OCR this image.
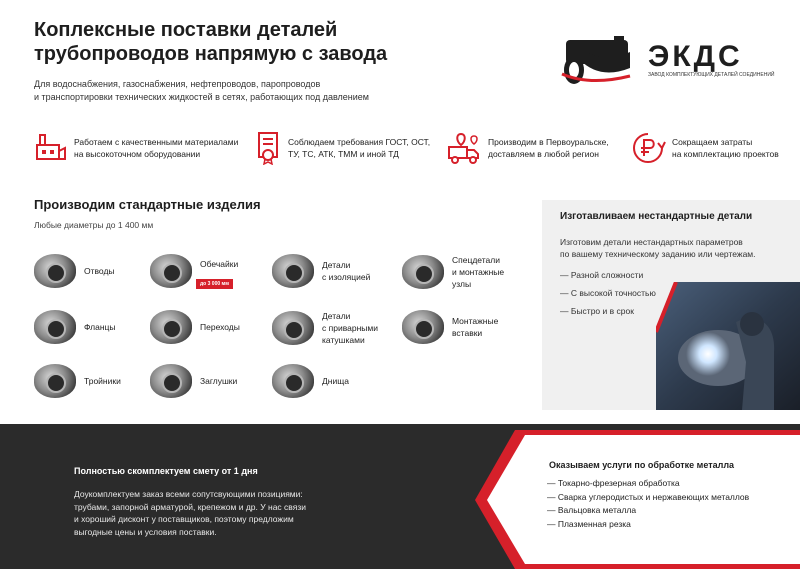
Коплексные поставки деталей
трубопроводов напрямую с завода
Для водоснабжения, газоснабжения, нефтепроводов, паропроводов
и транспортировки технических жидкостей в сетях, работающих под давлением
ЭКДС
ЗАВОД КОМПЛЕКТУЮЩИХ ДЕТАЛЕЙ СОЕДИНЕНИЙ
Работаем с качественными материалами
на высокоточном оборудовании
Соблюдаем требования ГОСТ, ОСТ,
ТУ, ТС, АТК, ТММ и иной ТД
Производим в Первоуральске,
доставляем в любой регион
Сокращаем затраты
на комплектацию проектов
Производим стандартные изделия
Любые диаметры до 1 400 мм
Отводы
Обечайки
до 3 000 мм
Детали
с изоляцией
Спецдетали
и монтажные
узлы
Фланцы	Переходы
Детали
с приварными
катушками
Монтажные
вставки
Тройники	Заглушки	Днища
Изготавливаем нестандартные детали
Изготовим детали нестандартных параметров
по вашему техническому заданию или чертежам.
— Разной сложности
— С высокой точностью
— Быстро и в срок
Полностью скомплектуем смету от 1 дня
Доукомплектуем заказ всеми сопутсвующими позициями:
трубами, запорной арматурой, крепежом и др. У нас связи
и хороший дисконт у поставщиков, поэтому предложим
выгодные цены и условия поставки.
Оказываем услуги по обработке металла
— Токарно-фрезерная обработка
— Сварка углеродистых и нержавеющих металлов
— Вальцовка металла
— Плазменная резка
